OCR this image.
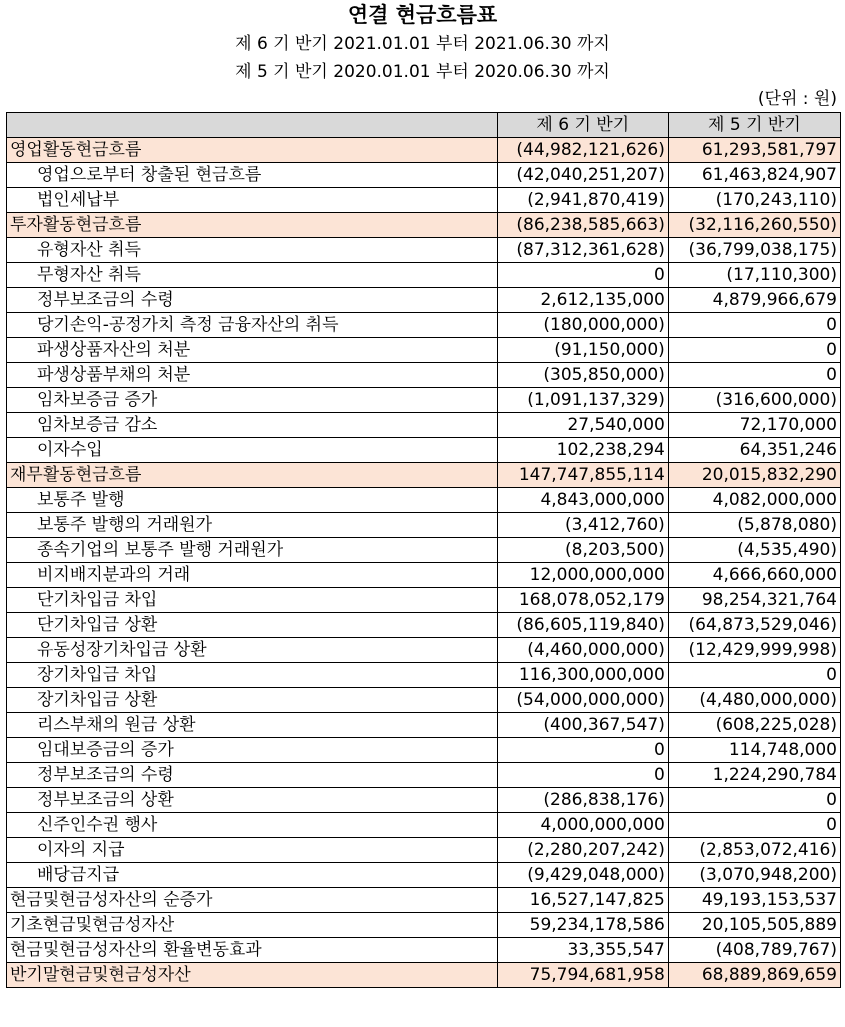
연결 현금흐름표
제 6 기 반기 2021.01.01 부터 2021.06.30 까지
제 5 기 반기 2020.01.01 부터 2020.06.30 까지
(단위 : 원)
	제 6 기 반기	제 5 기 반기
영업활동현금흐름	(44,982,121,626)	61,293,581,797
영업으로부터 창출된 현금흐름	(42,040,251,207)	61,463,824,907
법인세납부	(2,941,870,419)	(170,243,110)
투자활동현금흐름	(86,238,585,663)	(32,116,260,550)
유형자산 취득	(87,312,361,628)	(36,799,038,175)
무형자산 취득	0	(17,110,300)
정부보조금의 수령	2,612,135,000	4,879,966,679
당기손익-공정가치 측정 금융자산의 취득	(180,000,000)	0
파생상품자산의 처분	(91,150,000)	0
파생상품부채의 처분	(305,850,000)	0
임차보증금 증가	(1,091,137,329)	(316,600,000)
임차보증금 감소	27,540,000	72,170,000
이자수입	102,238,294	64,351,246
재무활동현금흐름	147,747,855,114	20,015,832,290
보통주 발행	4,843,000,000	4,082,000,000
보통주 발행의 거래원가	(3,412,760)	(5,878,080)
종속기업의 보통주 발행 거래원가	(8,203,500)	(4,535,490)
비지배지분과의 거래	12,000,000,000	4,666,660,000
단기차입금 차입	168,078,052,179	98,254,321,764
단기차입금 상환	(86,605,119,840)	(64,873,529,046)
유동성장기차입금 상환	(4,460,000,000)	(12,429,999,998)
장기차입금 차입	116,300,000,000	0
장기차입금 상환	(54,000,000,000)	(4,480,000,000)
리스부채의 원금 상환	(400,367,547)	(608,225,028)
임대보증금의 증가	0	114,748,000
정부보조금의 수령	0	1,224,290,784
정부보조금의 상환	(286,838,176)	0
신주인수권 행사	4,000,000,000	0
이자의 지급	(2,280,207,242)	(2,853,072,416)
배당금지급	(9,429,048,000)	(3,070,948,200)
현금및현금성자산의 순증가	16,527,147,825	49,193,153,537
기초현금및현금성자산	59,234,178,586	20,105,505,889
현금및현금성자산의 환율변동효과	33,355,547	(408,789,767)
반기말현금및현금성자산	75,794,681,958	68,889,869,659
